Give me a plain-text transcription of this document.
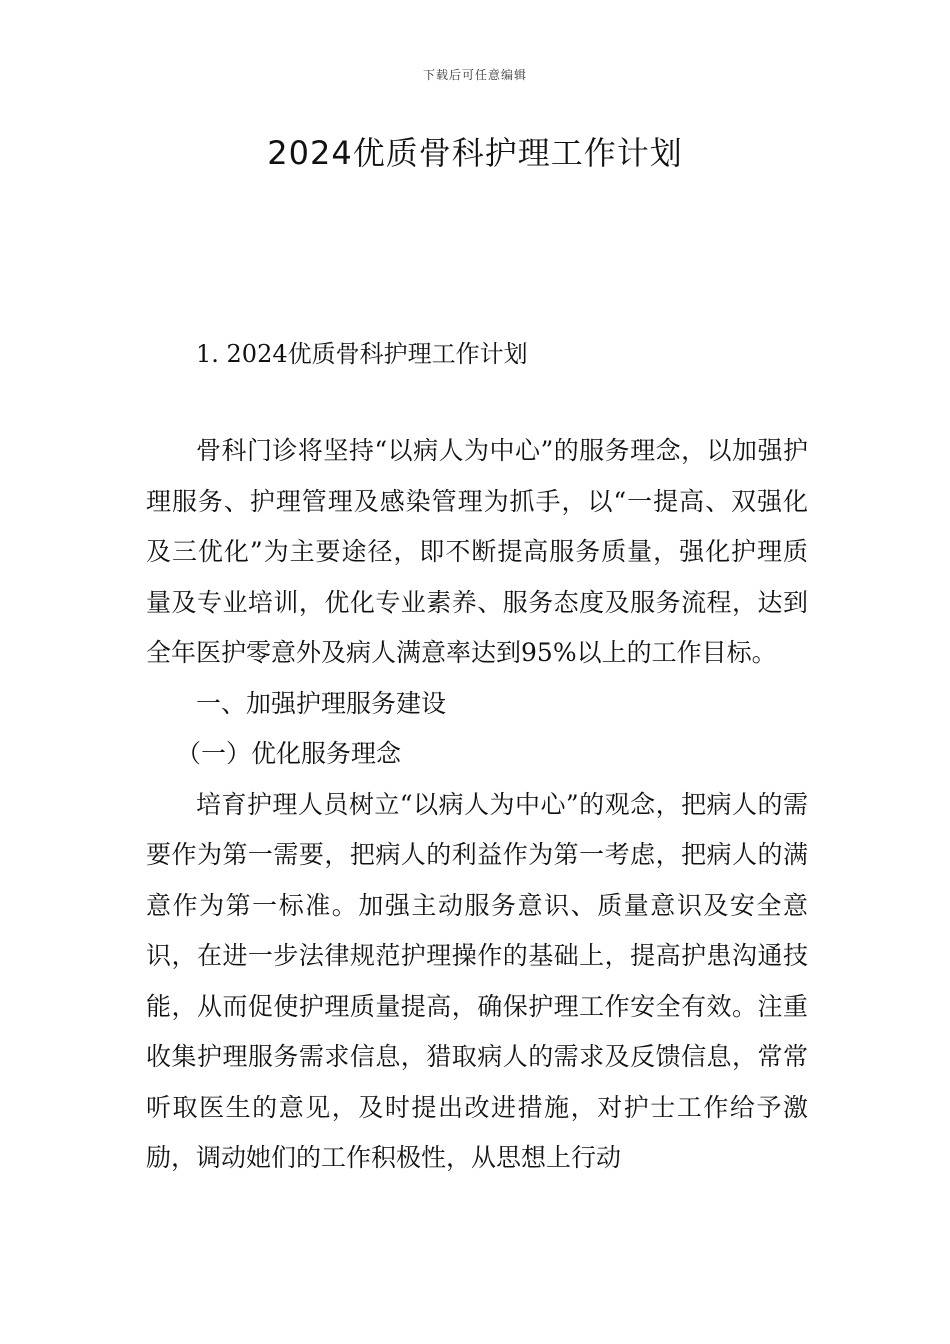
下载后可任意编辑
2024优质骨科护理工作计划
1. 2024优质骨科护理工作计划

骨科门诊将坚持“以病人为中心”的服务理念，以加强护理服务、护理管理及感染管理为抓手，以“一提高、双强化及三优化”为主要途径，即不断提高服务质量，强化护理质量及专业培训，优化专业素养、服务态度及服务流程，达到全年医护零意外及病人满意率达到95%以上的工作目标。

一、加强护理服务建设

（一）优化服务理念

培育护理人员树立“以病人为中心”的观念，把病人的需要作为第一需要，把病人的利益作为第一考虑，把病人的满意作为第一标准。加强主动服务意识、质量意识及安全意识，在进一步法律规范护理操作的基础上，提高护患沟通技能，从而促使护理质量提高，确保护理工作安全有效。注重收集护理服务需求信息，猎取病人的需求及反馈信息，常常听取医生的意见，及时提出改进措施，对护士工作给予激励，调动她们的工作积极性，从思想上行动
